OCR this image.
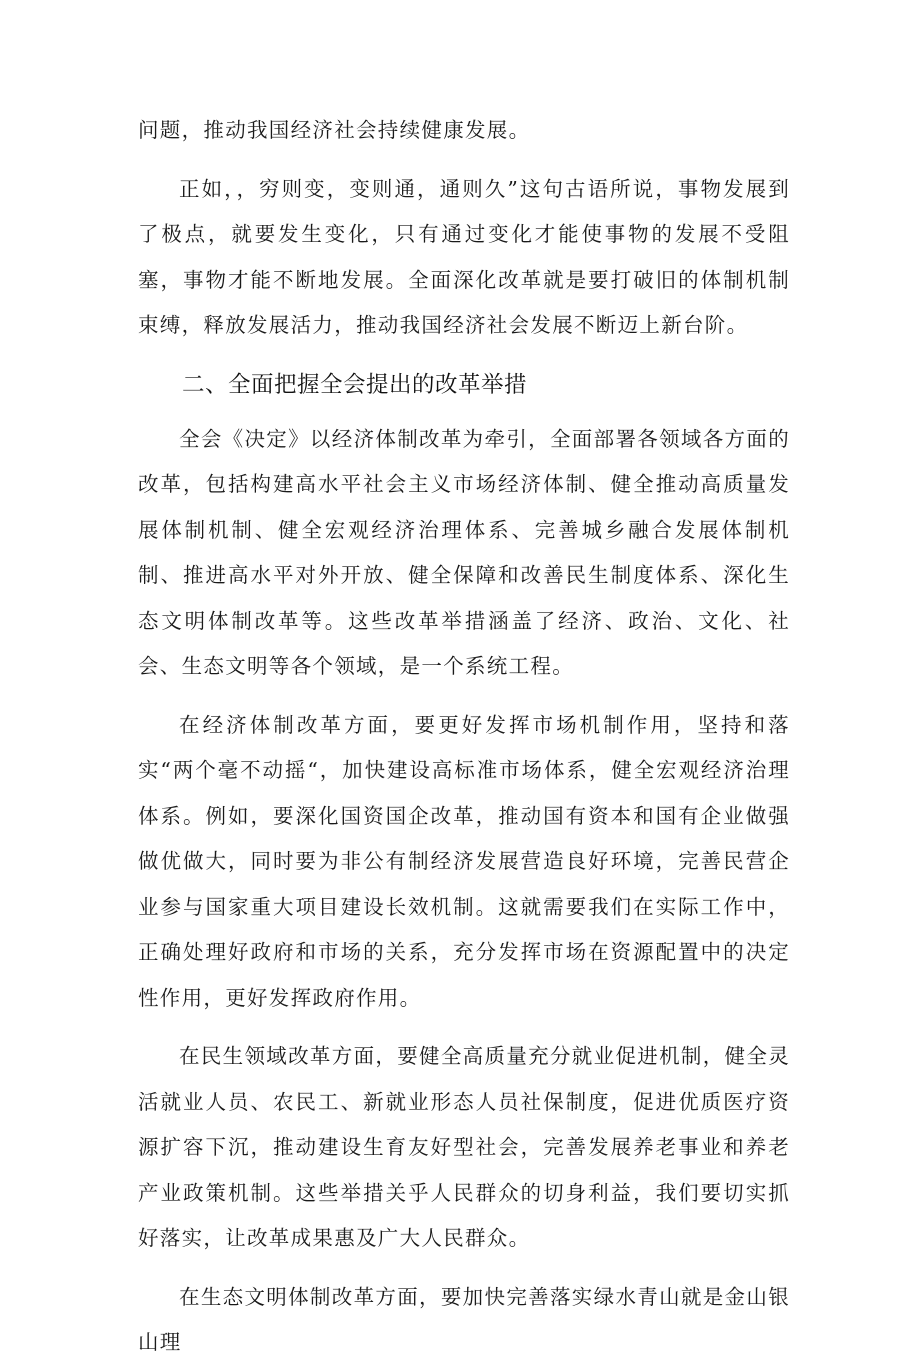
问题，推动我国经济社会持续健康发展。

正如，，穷则变，变则通，通则久”这句古语所说，事物发展到了极点，就要发生变化，只有通过变化才能使事物的发展不受阻塞，事物才能不断地发展。全面深化改革就是要打破旧的体制机制束缚，释放发展活力，推动我国经济社会发展不断迈上新台阶。

二、全面把握全会提出的改革举措

全会《决定》以经济体制改革为牵引，全面部署各领域各方面的改革，包括构建高水平社会主义市场经济体制、健全推动高质量发展体制机制、健全宏观经济治理体系、完善城乡融合发展体制机制、推进高水平对外开放、健全保障和改善民生制度体系、深化生态文明体制改革等。这些改革举措涵盖了经济、政治、文化、社会、生态文明等各个领域，是一个系统工程。

在经济体制改革方面，要更好发挥市场机制作用，坚持和落实“两个毫不动摇“，加快建设高标准市场体系，健全宏观经济治理体系。例如，要深化国资国企改革，推动国有资本和国有企业做强做优做大，同时要为非公有制经济发展营造良好环境，完善民营企业参与国家重大项目建设长效机制。这就需要我们在实际工作中，正确处理好政府和市场的关系，充分发挥市场在资源配置中的决定性作用，更好发挥政府作用。

在民生领域改革方面，要健全高质量充分就业促进机制，健全灵活就业人员、农民工、新就业形态人员社保制度，促进优质医疗资源扩容下沉，推动建设生育友好型社会，完善发展养老事业和养老产业政策机制。这些举措关乎人民群众的切身利益，我们要切实抓好落实，让改革成果惠及广大人民群众。

在生态文明体制改革方面，要加快完善落实绿水青山就是金山银山理
